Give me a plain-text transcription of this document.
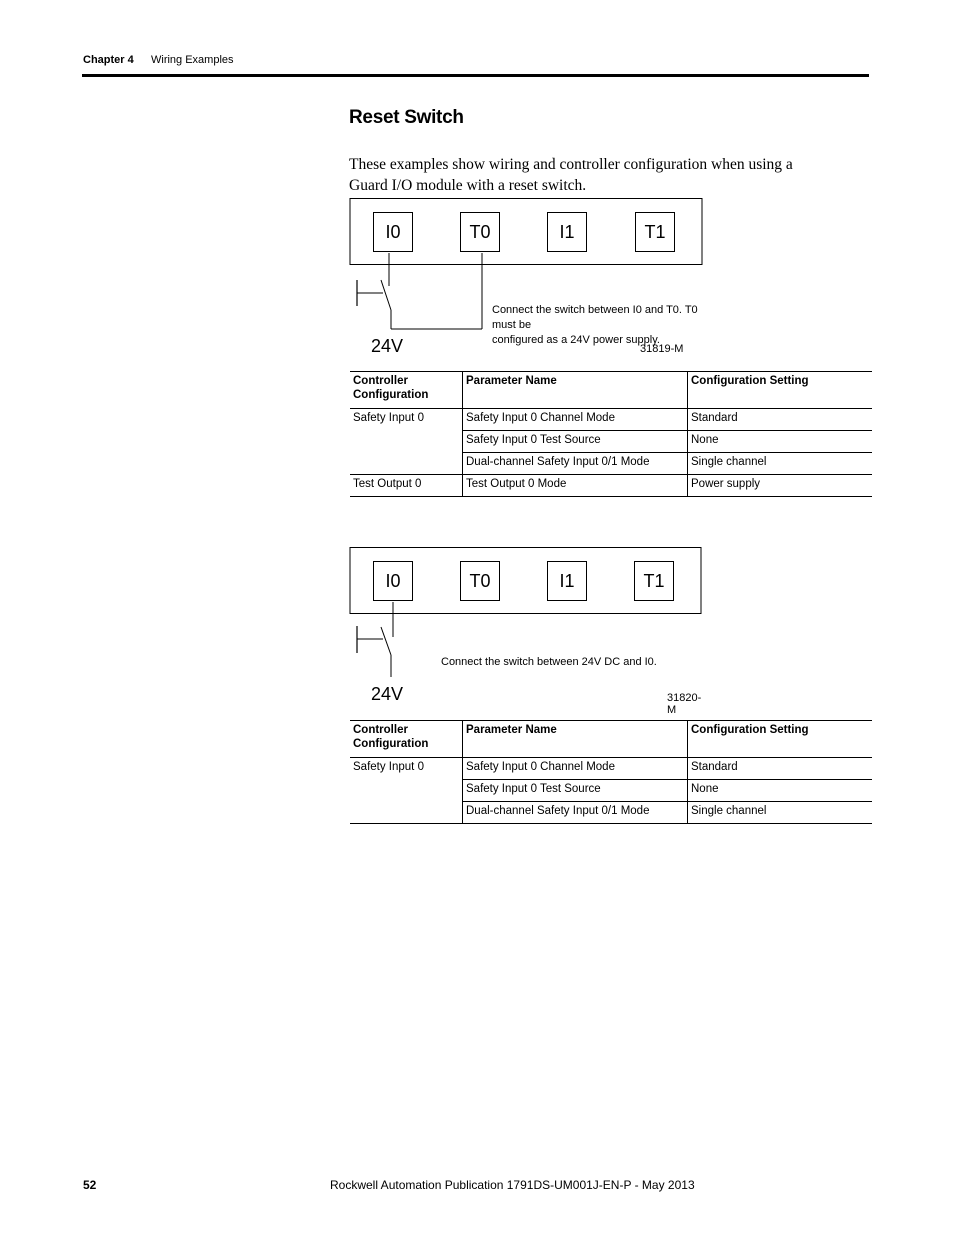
Chapter 4 Wiring Examples
Reset Switch
These examples show wiring and controller configuration when using a Guard I/O module with a reset switch.
I0	T0	I1	T1
24V
Connect the switch between I0 and T0. T0 must be
configured as a 24V power supply.
31819-M
Controller
Configuration	Parameter Name	Configuration Setting
Safety Input 0	Safety Input 0 Channel Mode	Standard
	Safety Input 0 Test Source	None
	Dual-channel Safety Input 0/1 Mode	Single channel
Test Output 0	Test Output 0 Mode	Power supply
I0	T0	I1	T1
24V
Connect the switch between 24V DC and I0.
31820-M
Controller
Configuration	Parameter Name	Configuration Setting
Safety Input 0	Safety Input 0 Channel Mode	Standard
	Safety Input 0 Test Source	None
	Dual-channel Safety Input 0/1 Mode	Single channel
52	Rockwell Automation Publication 1791DS-UM001J-EN-P - May 2013
